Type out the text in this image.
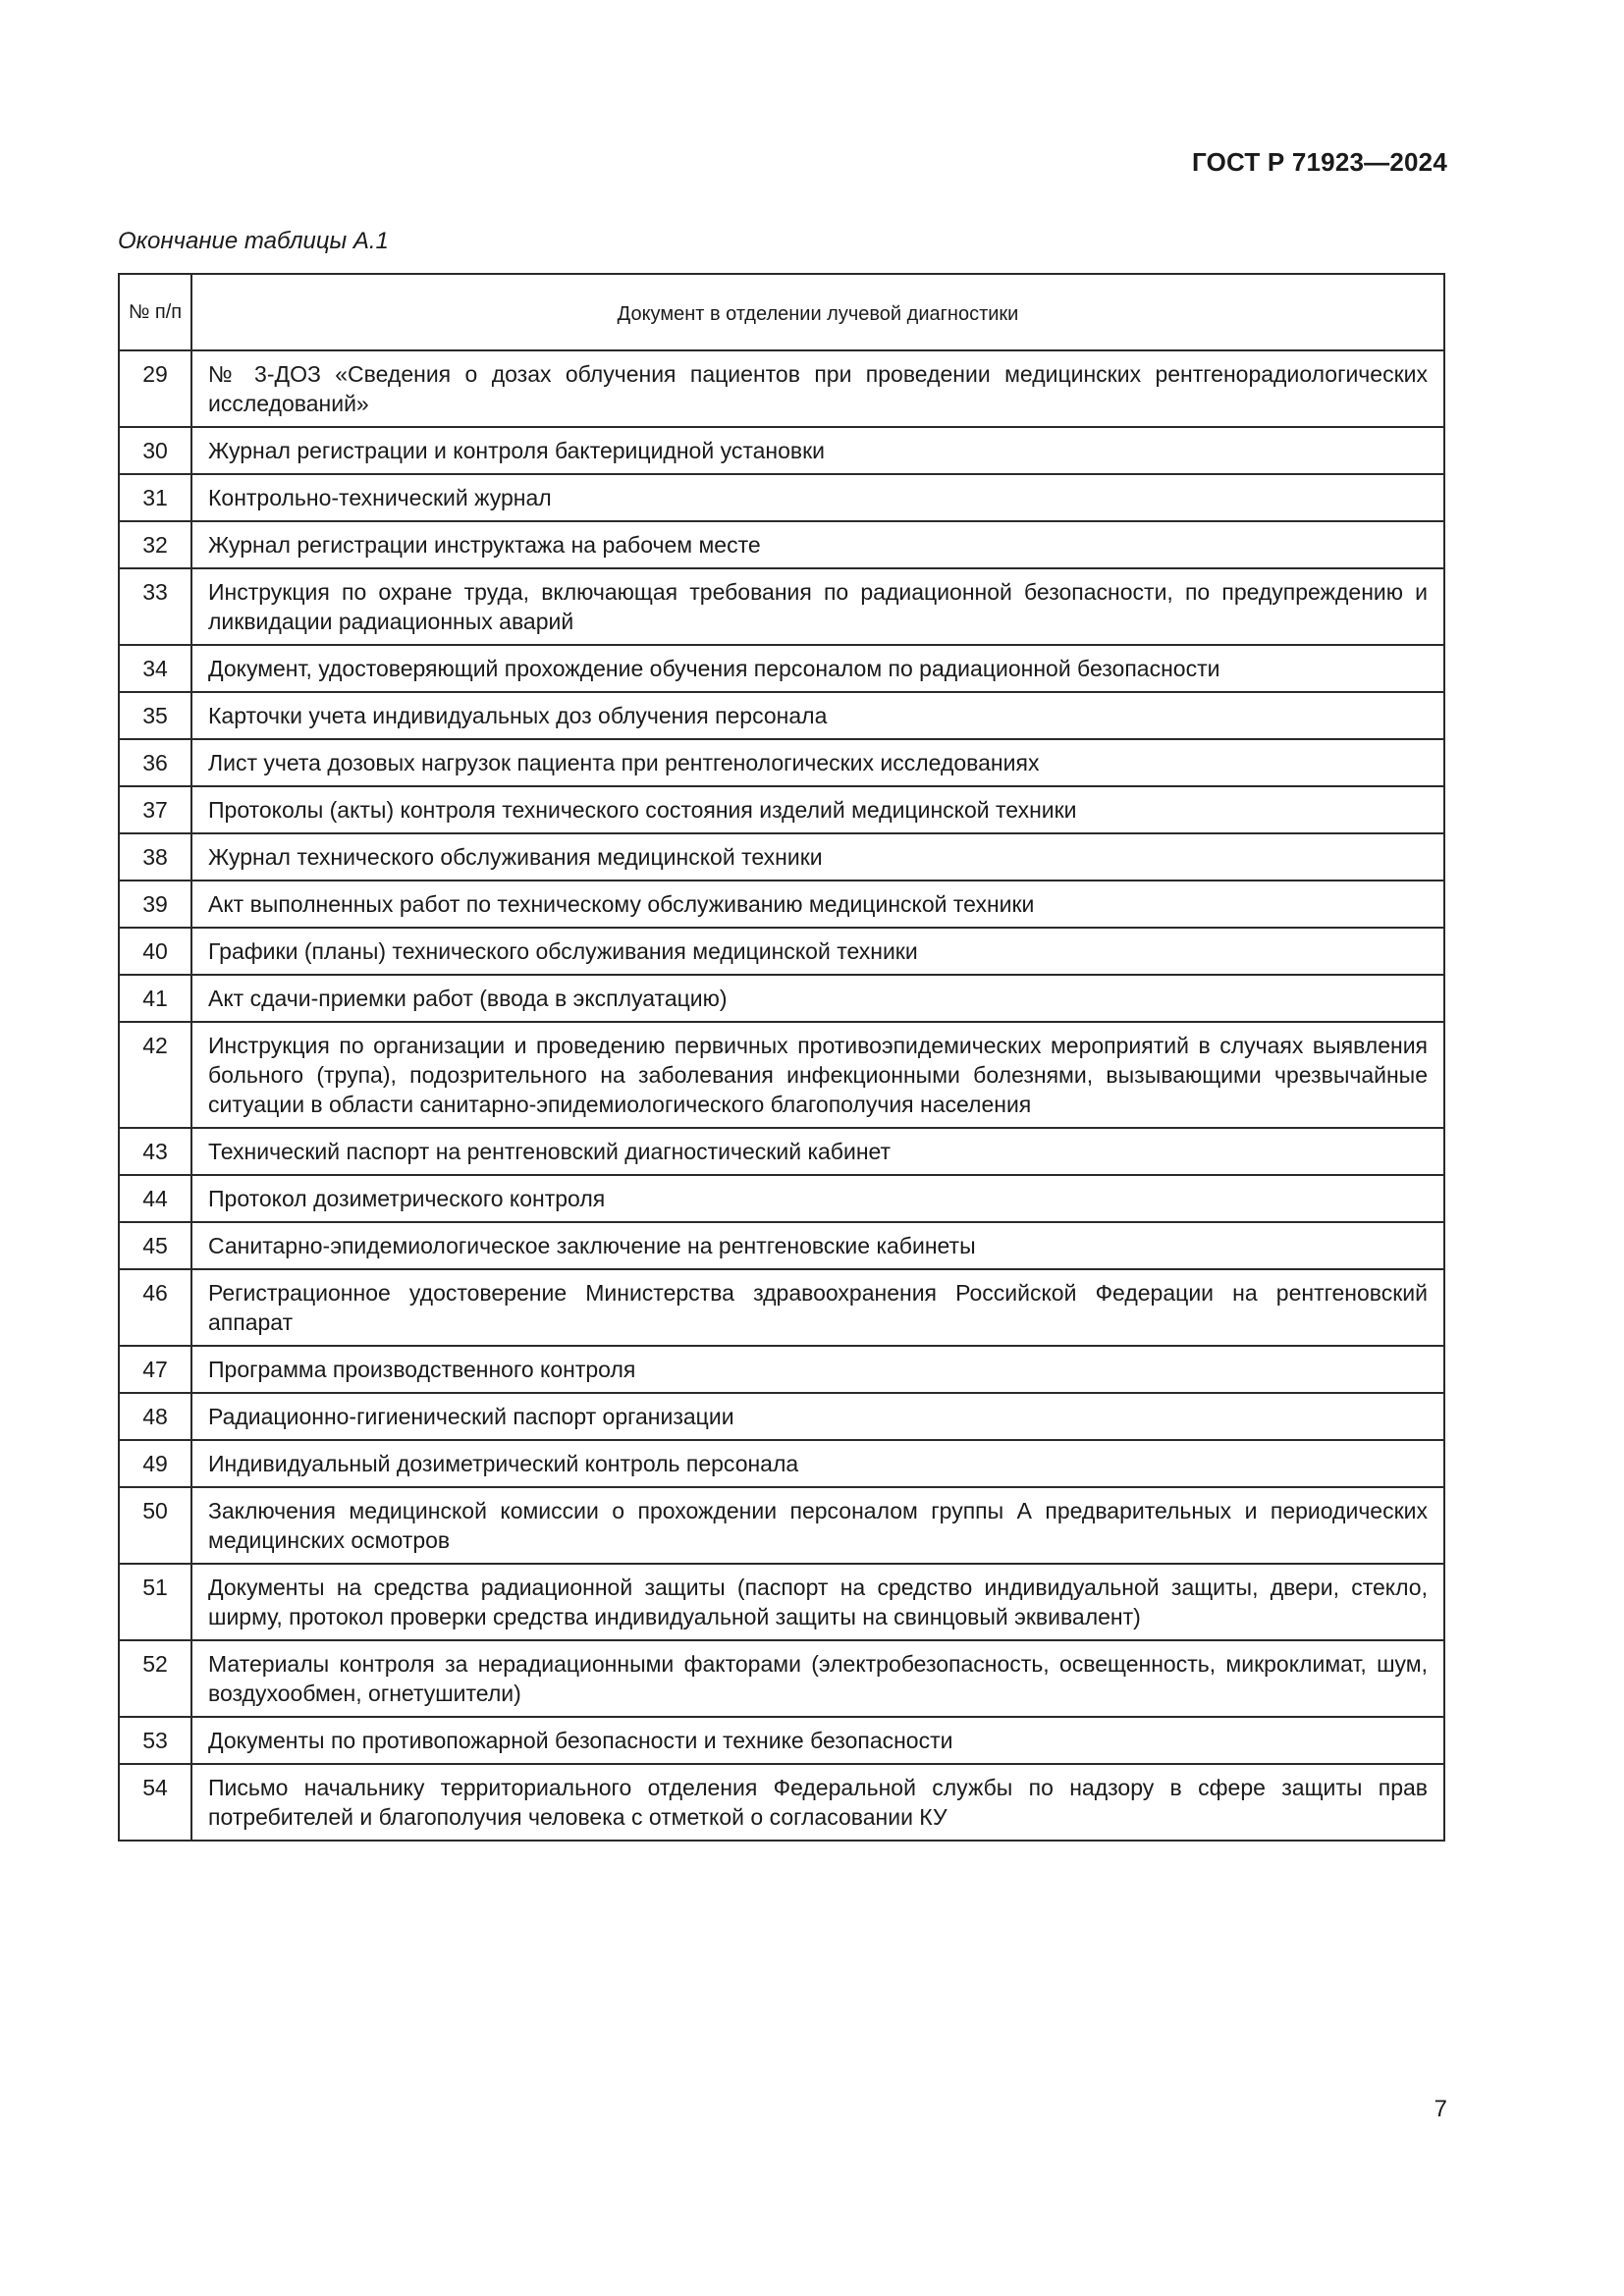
ГОСТ Р 71923—2024
Окончание таблицы А.1
№ п/п	Документ в отделении лучевой диагностики
29	№ 3-ДОЗ «Сведения о дозах облучения пациентов при проведении медицинских рентгенорадиологических исследований»
30	Журнал регистрации и контроля бактерицидной установки
31	Контрольно-технический журнал
32	Журнал регистрации инструктажа на рабочем месте
33	Инструкция по охране труда, включающая требования по радиационной безопасности, по предупреждению и ликвидации радиационных аварий
34	Документ, удостоверяющий прохождение обучения персоналом по радиационной безопасности
35	Карточки учета индивидуальных доз облучения персонала
36	Лист учета дозовых нагрузок пациента при рентгенологических исследованиях
37	Протоколы (акты) контроля технического состояния изделий медицинской техники
38	Журнал технического обслуживания медицинской техники
39	Акт выполненных работ по техническому обслуживанию медицинской техники
40	Графики (планы) технического обслуживания медицинской техники
41	Акт сдачи-приемки работ (ввода в эксплуатацию)
42	Инструкция по организации и проведению первичных противоэпидемических мероприятий в случаях выявления больного (трупа), подозрительного на заболевания инфекционными болезнями, вызывающими чрезвычайные ситуации в области санитарно-эпидемиологического благополучия населения
43	Технический паспорт на рентгеновский диагностический кабинет
44	Протокол дозиметрического контроля
45	Санитарно-эпидемиологическое заключение на рентгеновские кабинеты
46	Регистрационное удостоверение Министерства здравоохранения Российской Федерации на рентгеновский аппарат
47	Программа производственного контроля
48	Радиационно-гигиенический паспорт организации
49	Индивидуальный дозиметрический контроль персонала
50	Заключения медицинской комиссии о прохождении персоналом группы А предварительных и периодических медицинских осмотров
51	Документы на средства радиационной защиты (паспорт на средство индивидуальной защиты, двери, стекло, ширму, протокол проверки средства индивидуальной защиты на свинцовый эквивалент)
52	Материалы контроля за нерадиационными факторами (электробезопасность, освещенность, микроклимат, шум, воздухообмен, огнетушители)
53	Документы по противопожарной безопасности и технике безопасности
54	Письмо начальнику территориального отделения Федеральной службы по надзору в сфере защиты прав потребителей и благополучия человека с отметкой о согласовании КУ
7
